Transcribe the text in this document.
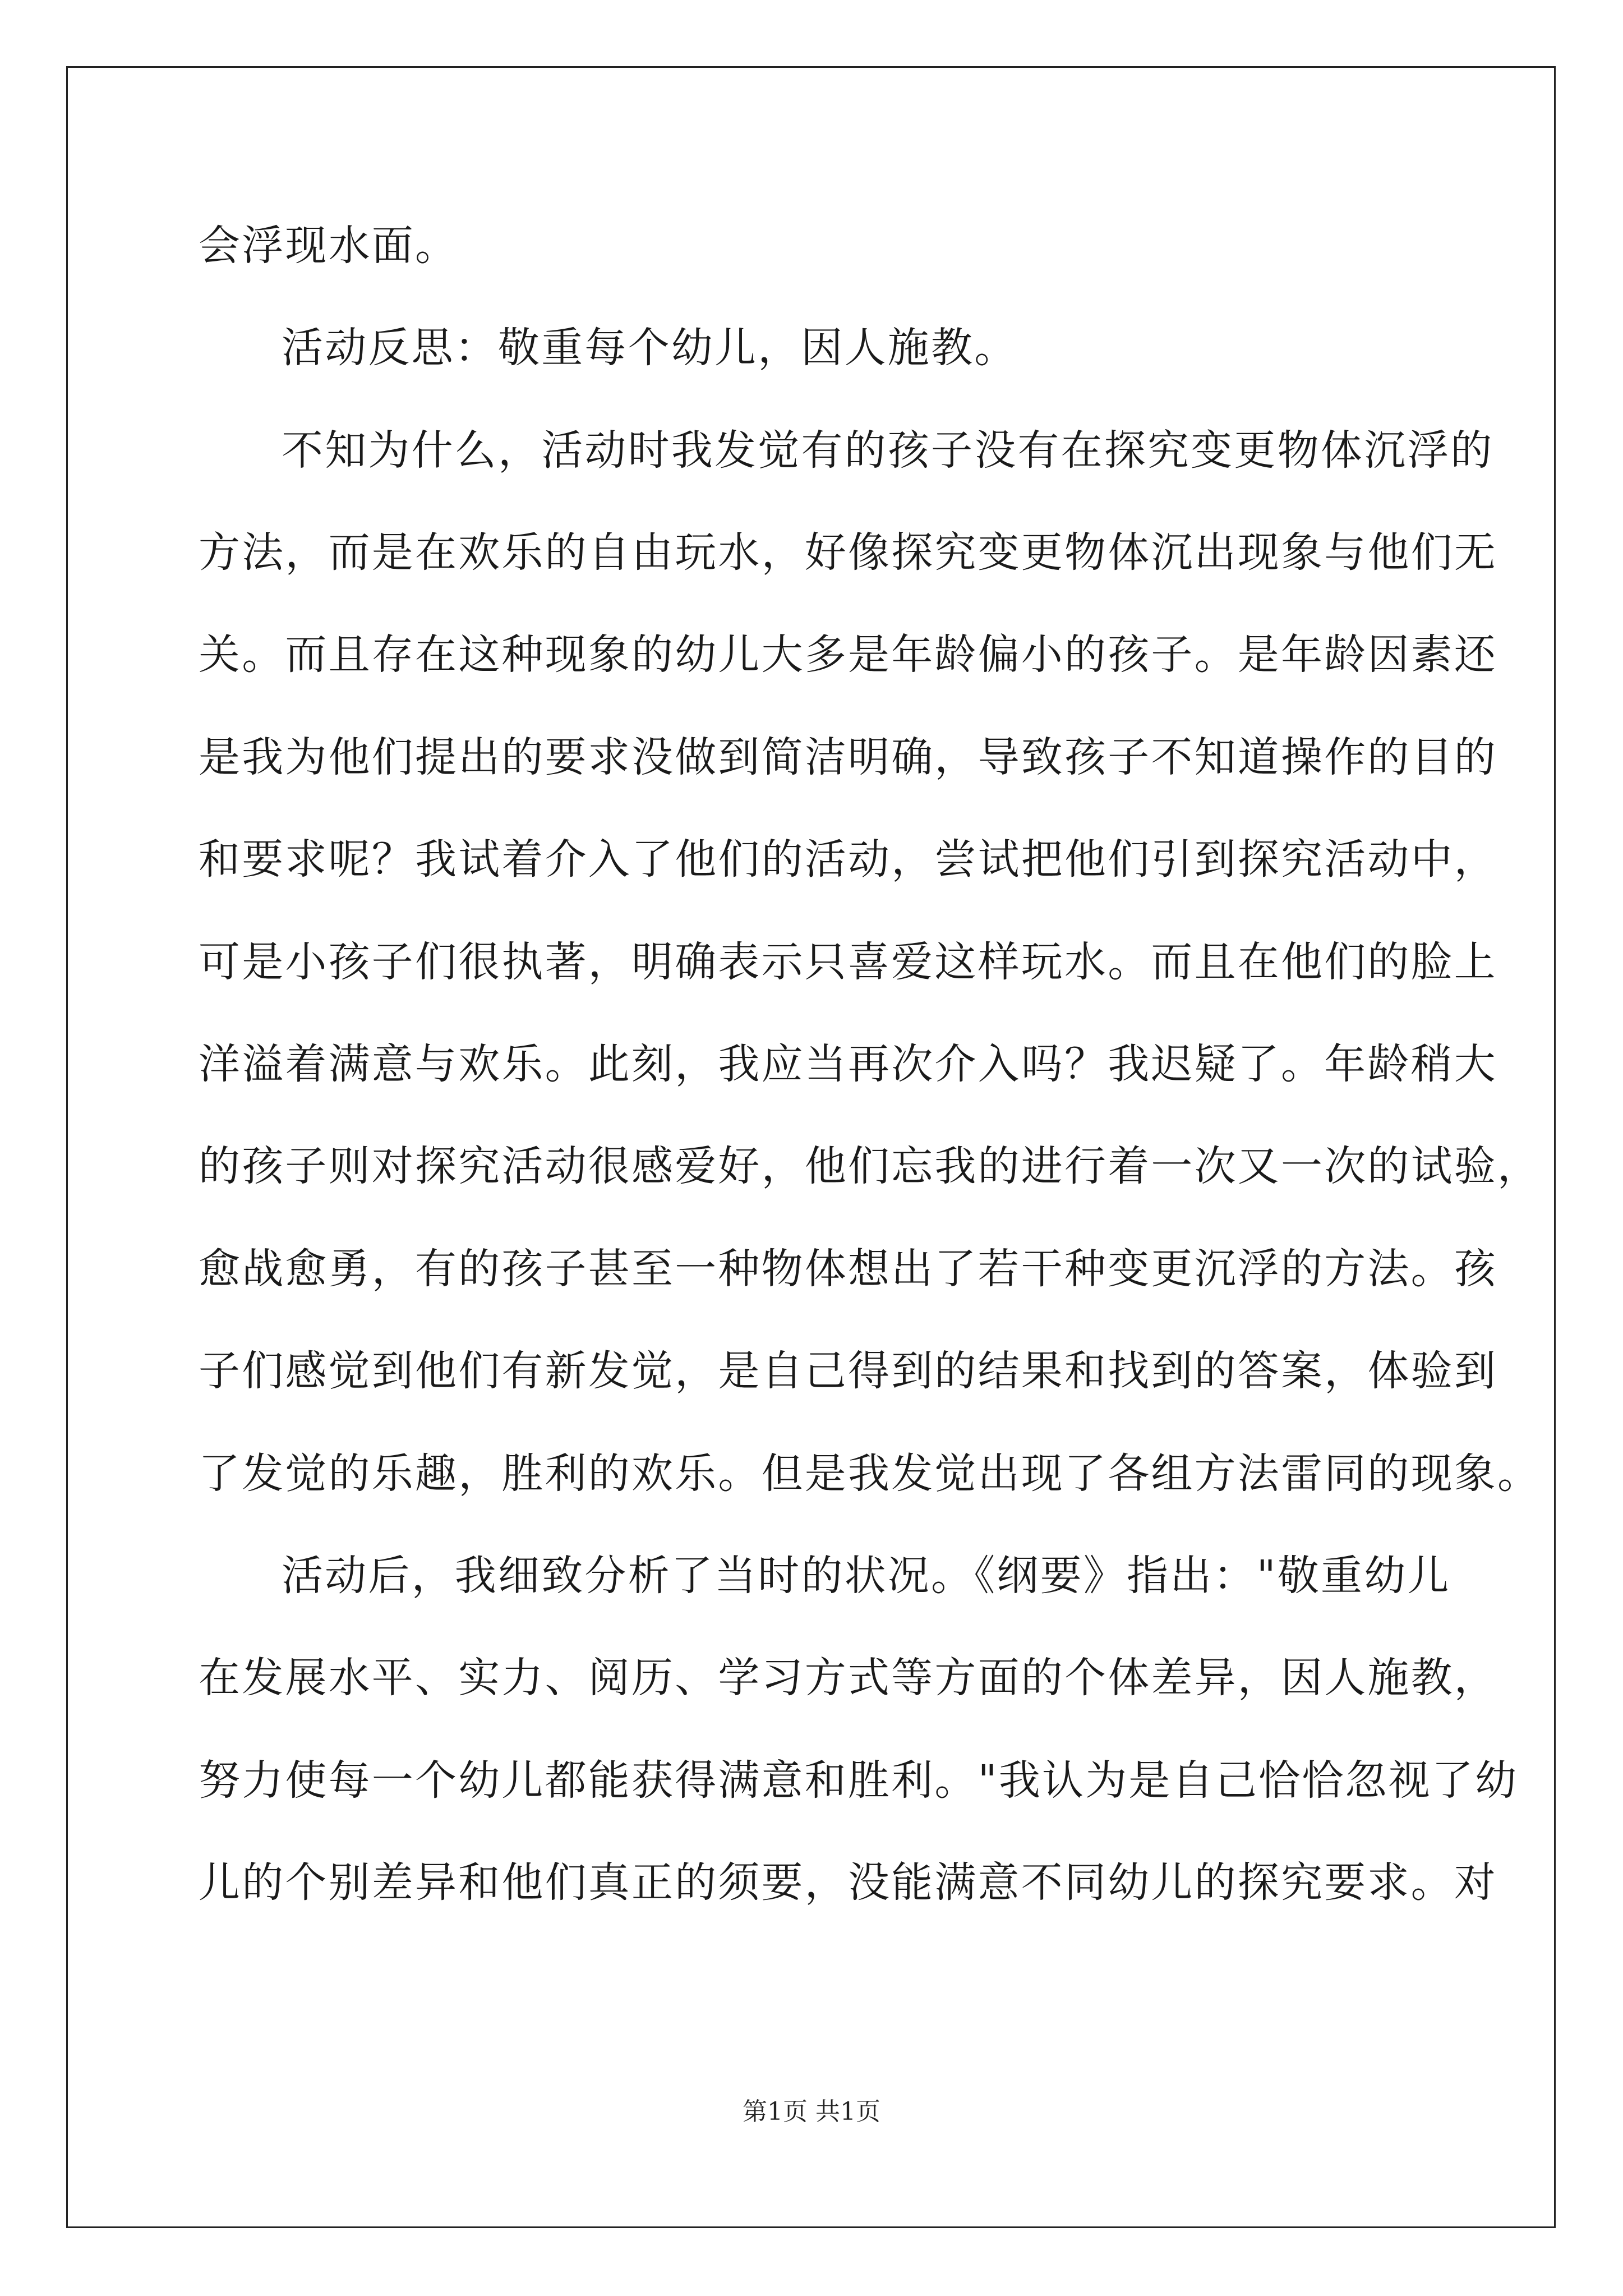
会浮现水面。
活动反思：敬重每个幼儿，因人施教。
不知为什么，活动时我发觉有的孩子没有在探究变更物体沉浮的
方法，而是在欢乐的自由玩水，好像探究变更物体沉出现象与他们无
关。而且存在这种现象的幼儿大多是年龄偏小的孩子。是年龄因素还
是我为他们提出的要求没做到简洁明确，导致孩子不知道操作的目的
和要求呢？我试着介入了他们的活动，尝试把他们引到探究活动中，
可是小孩子们很执著，明确表示只喜爱这样玩水。而且在他们的脸上
洋溢着满意与欢乐。此刻，我应当再次介入吗？我迟疑了。年龄稍大
的孩子则对探究活动很感爱好，他们忘我的进行着一次又一次的试验，
愈战愈勇，有的孩子甚至一种物体想出了若干种变更沉浮的方法。孩
子们感觉到他们有新发觉，是自己得到的结果和找到的答案，体验到
了发觉的乐趣，胜利的欢乐。但是我发觉出现了各组方法雷同的现象。
活动后，我细致分析了当时的状况。《纲要》指出："敬重幼儿
在发展水平、实力、阅历、学习方式等方面的个体差异，因人施教，
努力使每一个幼儿都能获得满意和胜利。"我认为是自己恰恰忽视了幼
儿的个别差异和他们真正的须要，没能满意不同幼儿的探究要求。对
第1页 共1页
